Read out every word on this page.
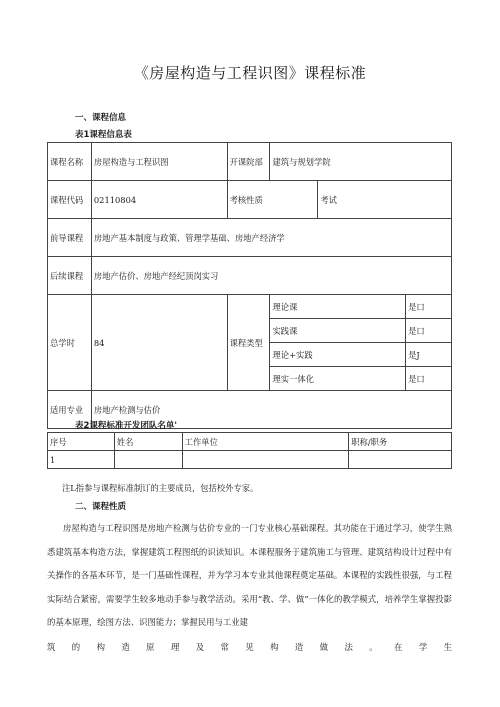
《房屋构造与工程识图》课程标准
一、课程信息
表1课程信息表
课程名称	房屋构造与工程识图	开课院部	建筑与规划学院		
课程代码	02110804	考核性质		考试	
前导课程	房地产基本制度与政策、管理学基础、房地产经济学				
后续课程	房地产估价、房地产经纪顶岗实习				
总学时	84	课程类型	理论课		是口
			实践课		是口
			理论+实践		是J
			理实一体化		是口
适用专业	房地产检测与估价				
表2课程标准开发团队名单'
序号	姓名	工作单位	职称/职务
1			
注L指参与课程标准制订的主要成员，包括校外专家。
二、课程性质

房屋构造与工程识图是房地产检测与估价专业的一门专业核心基础课程。其功能在于通过学习，使学生熟悉建筑基本构造方法，掌握建筑工程图纸的识读知识。本课程服务于建筑施工与管理、建筑结构设计过程中有关操作的各基本环节，是一门基础性课程，并为学习本专业其他课程奠定基础。本课程的实践性很强，与工程实际结合紧密，需要学生较多地动手参与教学活动。采用“教、学、做”一体化的教学模式，培养学生掌握投影的基本原理，绘图方法、识图能力；掌握民用与工业建

筑的构造原理及常见构造做法。在学生
